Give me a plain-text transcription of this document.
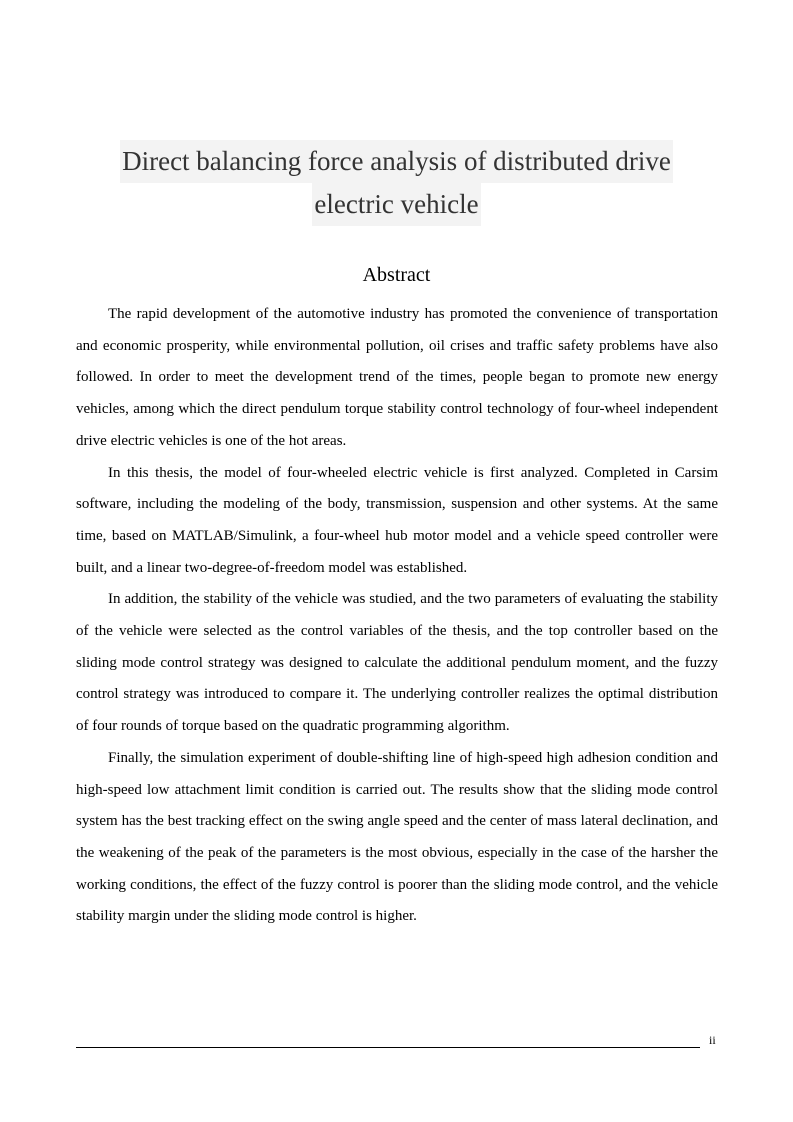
Direct balancing force analysis of distributed drive
electric vehicle
Abstract

The rapid development of the automotive industry has promoted the convenience of transportation and economic prosperity, while environmental pollution, oil crises and traffic safety problems have also followed. In order to meet the development trend of the times, people began to promote new energy vehicles, among which the direct pendulum torque stability control technology of four-wheel independent drive electric vehicles is one of the hot areas.

In this thesis, the model of four-wheeled electric vehicle is first analyzed. Completed in Carsim software, including the modeling of the body, transmission, suspension and other systems. At the same time, based on MATLAB/Simulink, a four-wheel hub motor model and a vehicle speed controller were built, and a linear two-degree-of-freedom model was established.

In addition, the stability of the vehicle was studied, and the two parameters of evaluating the stability of the vehicle were selected as the control variables of the thesis, and the top controller based on the sliding mode control strategy was designed to calculate the additional pendulum moment, and the fuzzy control strategy was introduced to compare it. The underlying controller realizes the optimal distribution of four rounds of torque based on the quadratic programming algorithm.

Finally, the simulation experiment of double-shifting line of high-speed high adhesion condition and high-speed low attachment limit condition is carried out. The results show that the sliding mode control system has the best tracking effect on the swing angle speed and the center of mass lateral declination, and the weakening of the peak of the parameters is the most obvious, especially in the case of the harsher the working conditions, the effect of the fuzzy control is poorer than the sliding mode control, and the vehicle stability margin under the sliding mode control is higher.

ii
